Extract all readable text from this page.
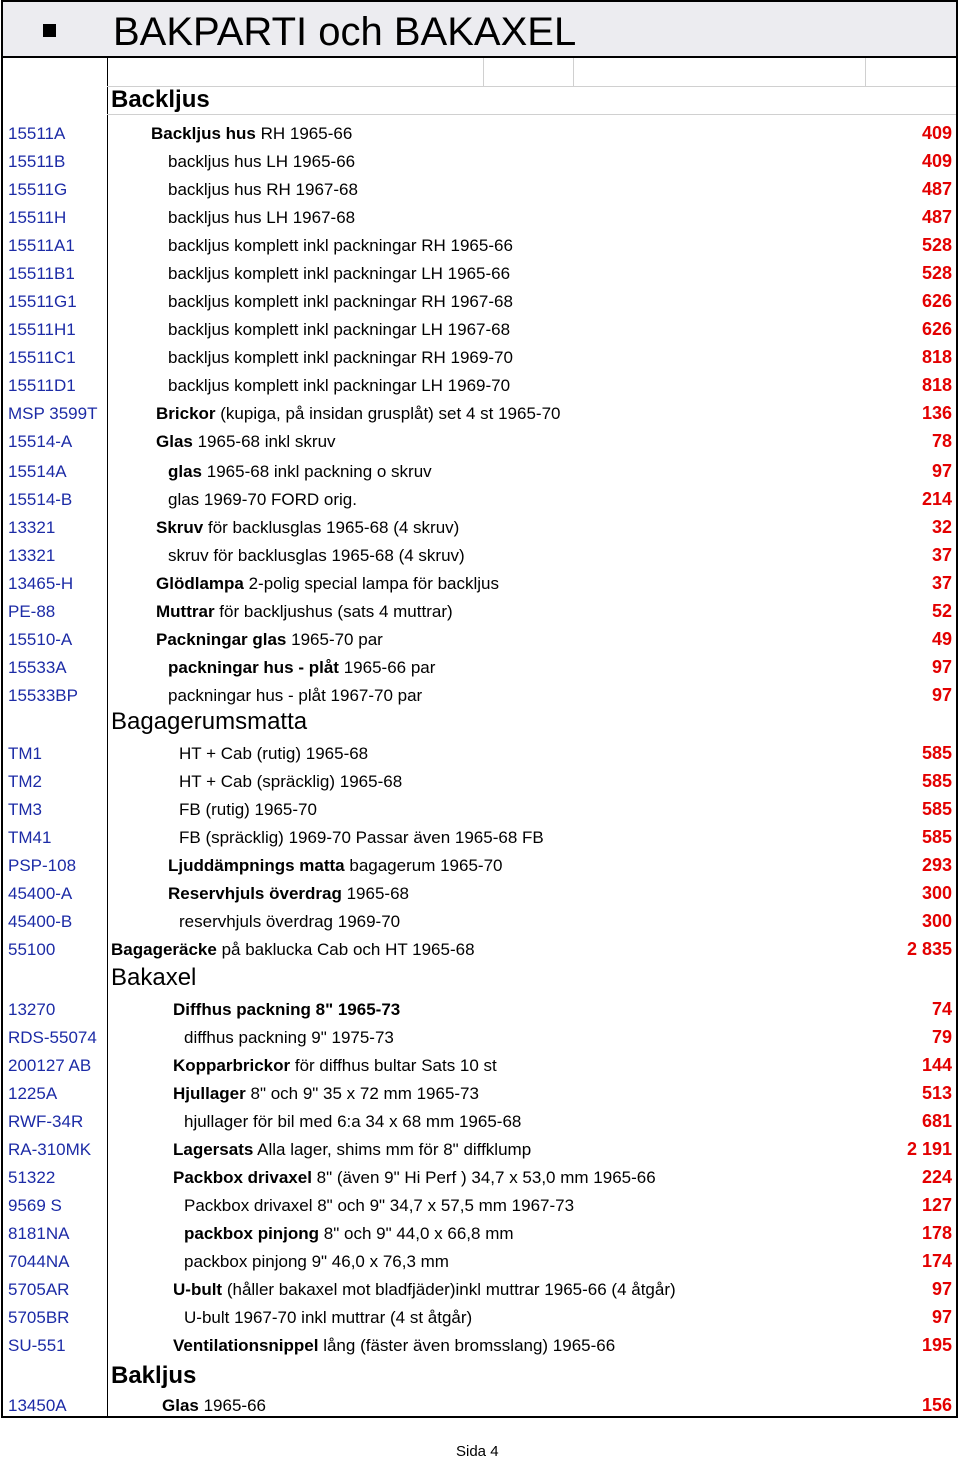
BAKPARTI och BAKAXEL
Backljus
15511A	Backljus hus RH 1965-66	409
15511B	backljus hus LH 1965-66	409
15511G	backljus hus RH 1967-68	487
15511H	backljus hus LH 1967-68	487
15511A1	backljus komplett inkl packningar RH 1965-66	528
15511B1	backljus komplett inkl packningar LH 1965-66	528
15511G1	backljus komplett inkl packningar RH 1967-68	626
15511H1	backljus komplett inkl packningar LH 1967-68	626
15511C1	backljus komplett inkl packningar RH 1969-70	818
15511D1	backljus komplett inkl packningar LH 1969-70	818
MSP 3599T	Brickor (kupiga, på insidan grusplåt) set 4 st 1965-70	136
15514-A	Glas 1965-68 inkl skruv	78
15514A	glas 1965-68 inkl packning o skruv	97
15514-B	glas 1969-70 FORD orig.	214
13321	Skruv för backlusglas 1965-68 (4 skruv)	32
13321	skruv för backlusglas 1965-68 (4 skruv)	37
13465-H	Glödlampa 2-polig special lampa för backljus	37
PE-88	Muttrar för backljushus (sats 4 muttrar)	52
15510-A	Packningar glas 1965-70 par	49
15533A	packningar hus - plåt 1965-66 par	97
15533BP	packningar hus - plåt 1967-70 par	97
Bagagerumsmatta
TM1	HT + Cab (rutig) 1965-68	585
TM2	HT + Cab (spräcklig) 1965-68	585
TM3	FB (rutig) 1965-70	585
TM41	FB (spräcklig) 1969-70 Passar även 1965-68 FB	585
PSP-108	Ljuddämpnings matta bagagerum 1965-70	293
45400-A	Reservhjuls överdrag 1965-68	300
45400-B	reservhjuls överdrag 1969-70	300
55100	Bagageräcke på baklucka Cab och HT 1965-68	2 835
Bakaxel
13270	Diffhus packning 8" 1965-73	74
RDS-55074	diffhus packning 9" 1975-73	79
200127 AB	Kopparbrickor för diffhus bultar Sats 10 st	144
1225A	Hjullager 8" och 9" 35 x 72 mm 1965-73	513
RWF-34R	hjullager för bil med 6:a 34 x 68 mm 1965-68	681
RA-310MK	Lagersats Alla lager, shims mm för 8" diffklump	2 191
51322	Packbox drivaxel 8" (även 9" Hi Perf ) 34,7 x 53,0 mm 1965-66	224
9569 S	Packbox drivaxel 8" och 9" 34,7 x 57,5 mm 1967-73	127
8181NA	packbox pinjong 8" och 9" 44,0 x 66,8 mm	178
7044NA	packbox pinjong 9" 46,0 x 76,3 mm	174
5705AR	U-bult (håller bakaxel mot bladfjäder)inkl muttrar 1965-66 (4 åtgår)	97
5705BR	U-bult 1967-70 inkl muttrar (4 st åtgår)	97
SU-551	Ventilationsnippel lång (fäster även bromsslang) 1965-66	195
Bakljus
13450A	Glas 1965-66	156
Sida 4
